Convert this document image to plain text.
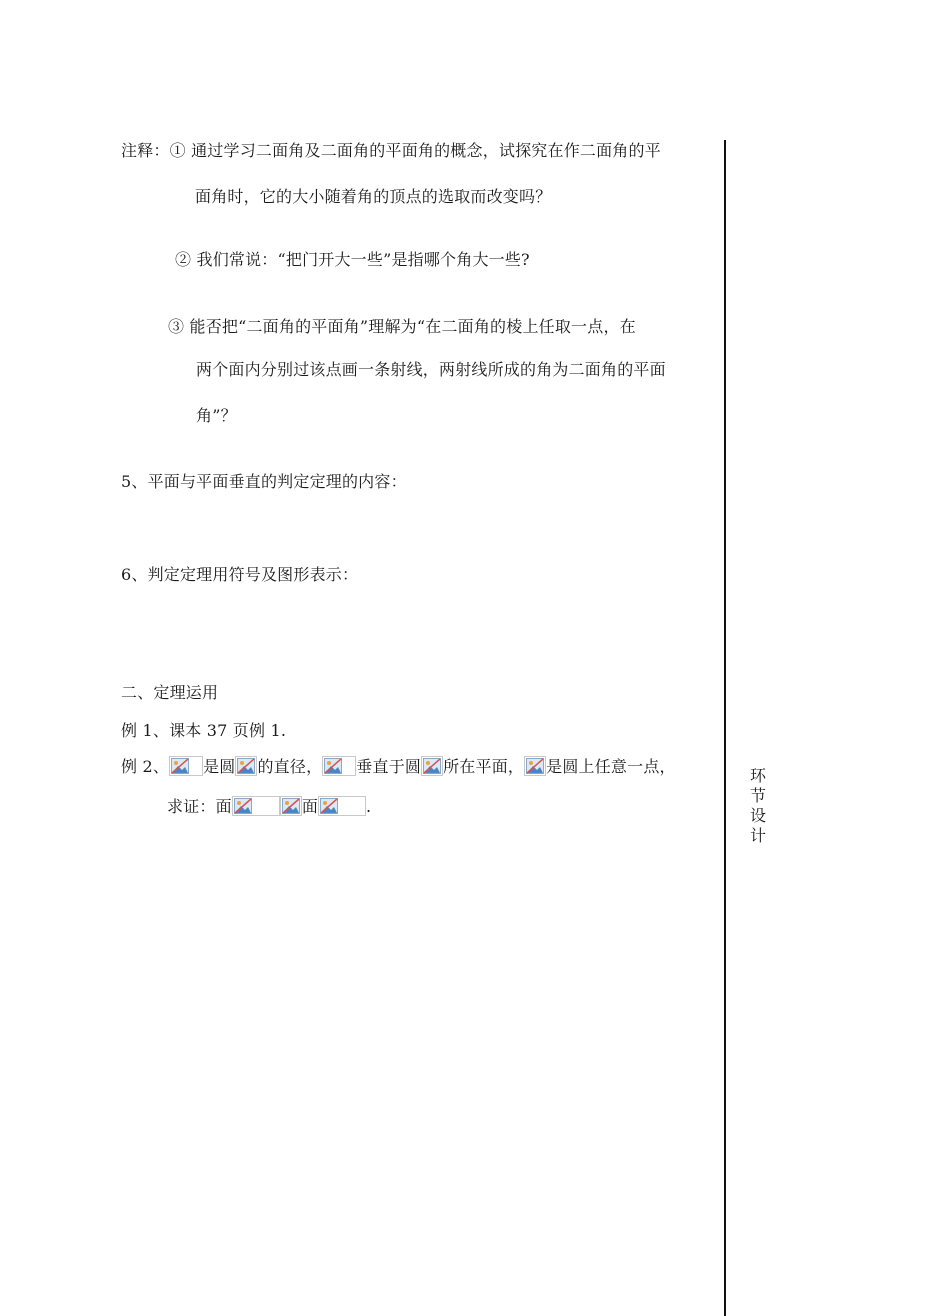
环
节
设
计
注释：① 通过学习二面角及二面角的平面角的概念，试探究在作二面角的平
面角时，它的大小随着角的顶点的选取而改变吗？
② 我们常说：“把门开大一些”是指哪个角大一些?
③ 能否把“二面角的平面角”理解为“在二面角的棱上任取一点，在
两个面内分别过该点画一条射线，两射线所成的角为二面角的平面
角”？
5、平面与平面垂直的判定定理的内容：
6、判定定理用符号及图形表示：
二、定理运用
例 1、课本 37 页例 1.
例 2、 是圆 的直径， 垂直于圆 所在平面， 是圆上任意一点，
求证：面	面	.
